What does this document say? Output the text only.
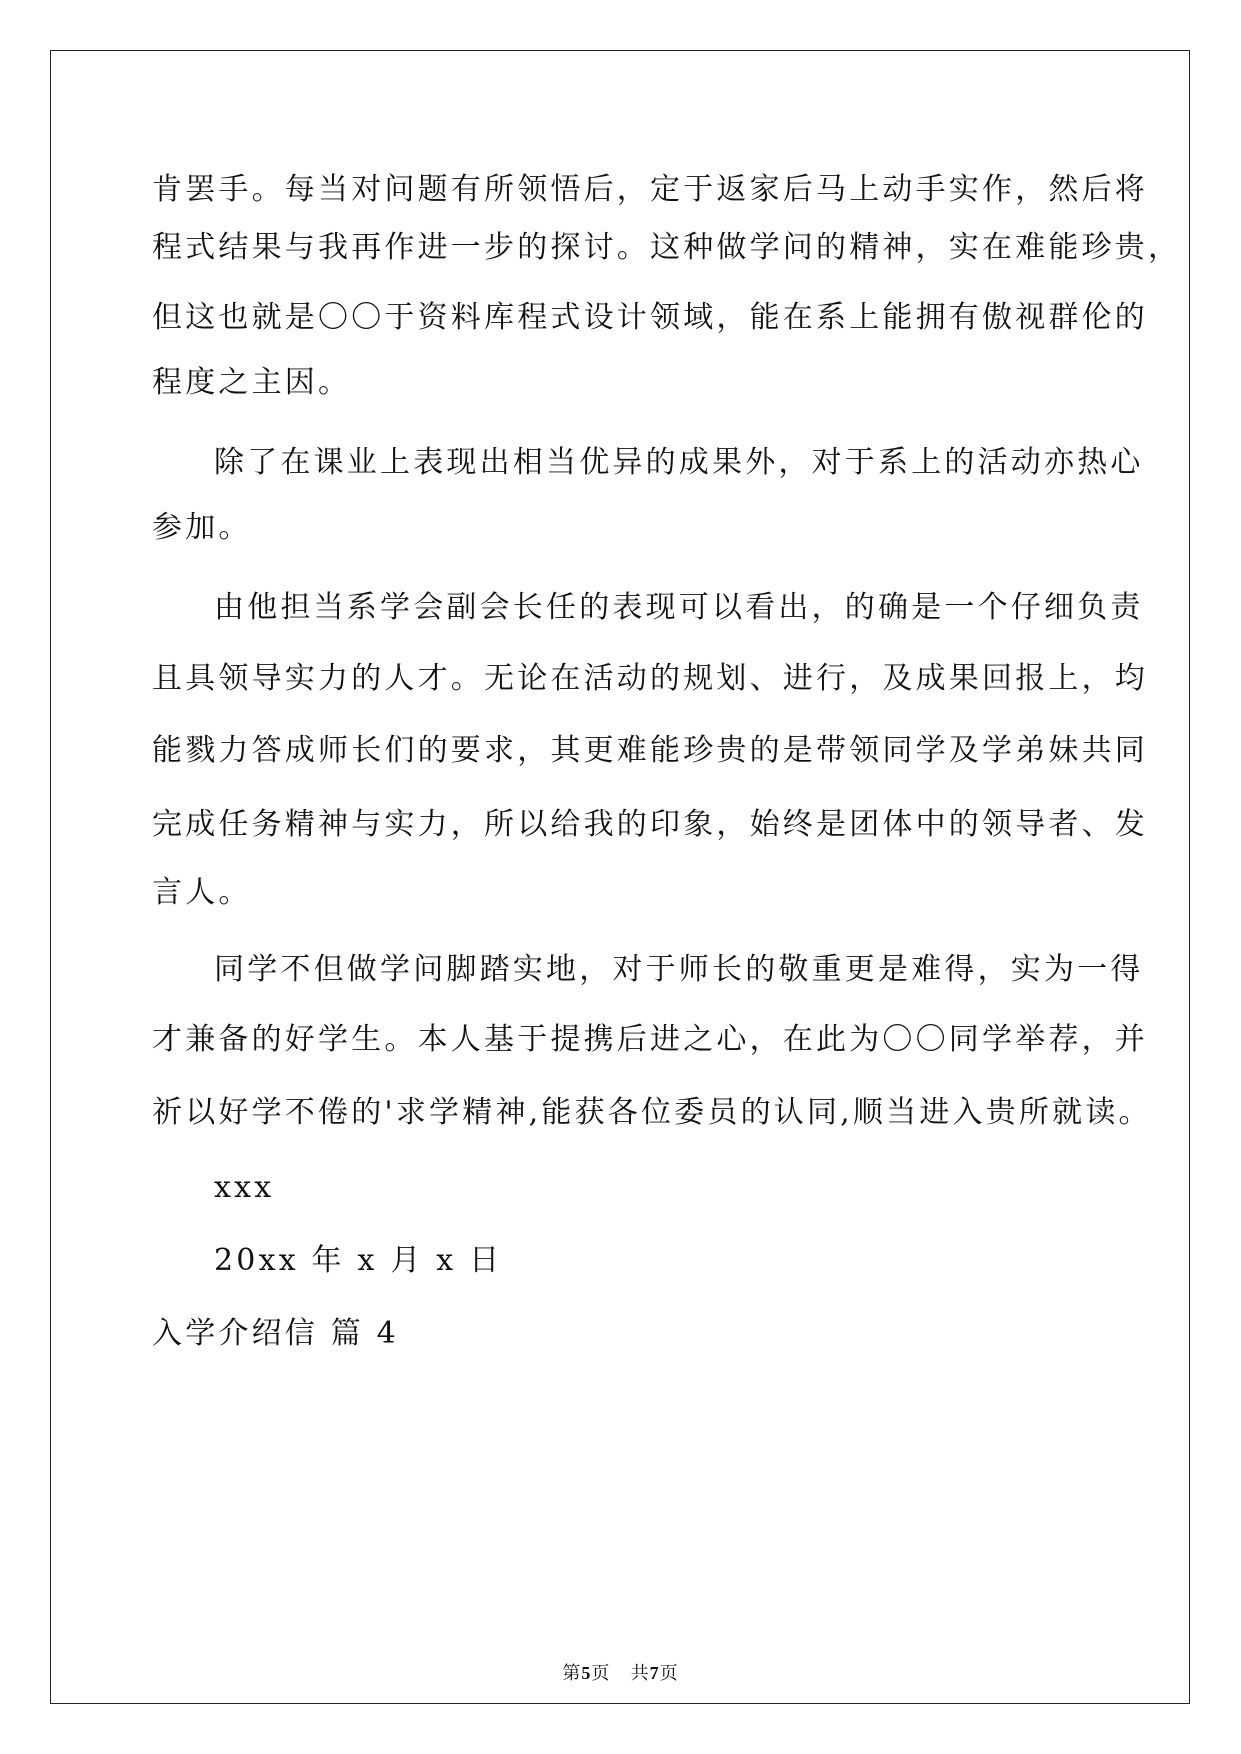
肯罢手。每当对问题有所领悟后，定于返家后马上动手实作，然后将
程式结果与我再作进一步的探讨。这种做学问的精神，实在难能珍贵，
但这也就是〇〇于资料库程式设计领域，能在系上能拥有傲视群伦的
程度之主因。
除了在课业上表现出相当优异的成果外，对于系上的活动亦热心
参加。
由他担当系学会副会长任的表现可以看出，的确是一个仔细负责
且具领导实力的人才。无论在活动的规划、进行，及成果回报上，均
能戮力答成师长们的要求，其更难能珍贵的是带领同学及学弟妹共同
完成任务精神与实力，所以给我的印象，始终是团体中的领导者、发
言人。
同学不但做学问脚踏实地，对于师长的敬重更是难得，实为一得
才兼备的好学生。本人基于提携后进之心，在此为〇〇同学举荐，并
祈以好学不倦的'求学精神,能获各位委员的认同,顺当进入贵所就读。
xxx
20xx 年 x 月 x 日
入学介绍信 篇 4
第5页   共7页
